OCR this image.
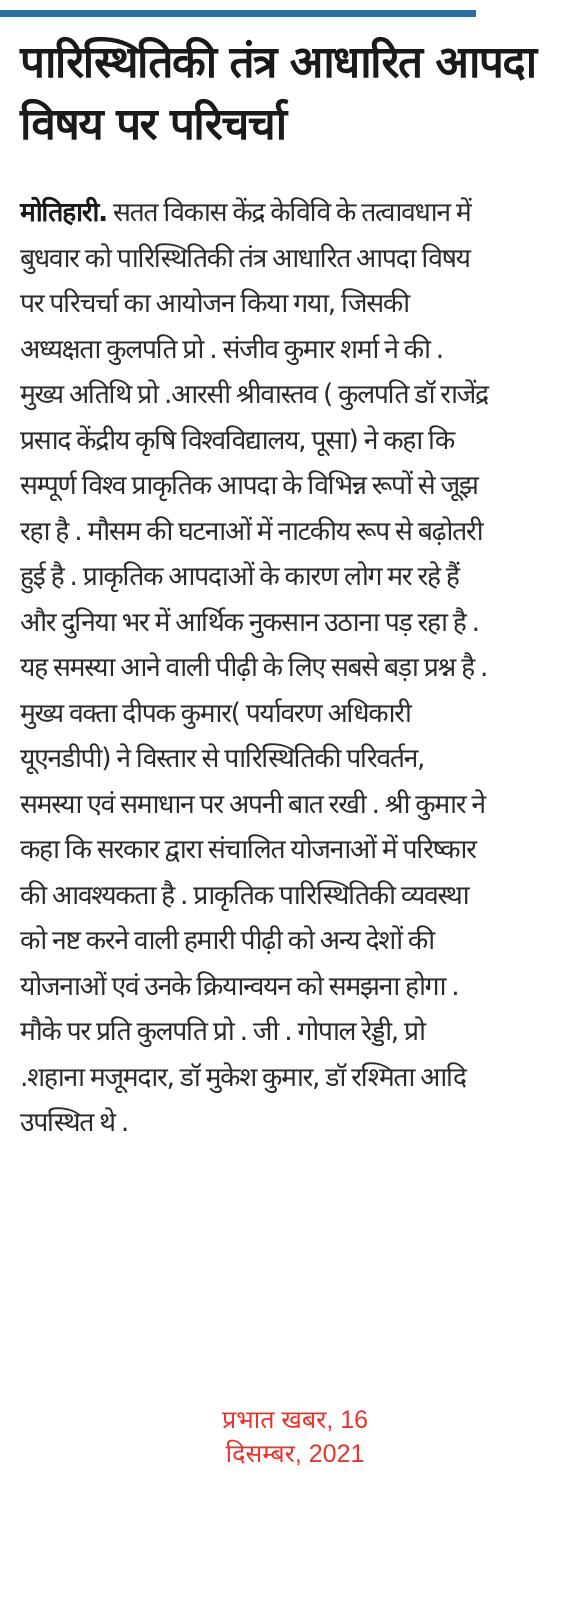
पारिस्थितिकी तंत्र आधारित आपदा विषय पर परिचर्चा

मोतिहारी. सतत विकास केंद्र केविवि के तत्वावधान में बुधवार को पारिस्थितिकी तंत्र आधारित आपदा विषय पर परिचर्चा का आयोजन किया गया, जिसकी अध्यक्षता कुलपति प्रो . संजीव कुमार शर्मा ने की . मुख्य अतिथि प्रो .आरसी श्रीवास्तव ( कुलपति डॉ राजेंद्र प्रसाद केंद्रीय कृषि विश्वविद्यालय, पूसा) ने कहा कि सम्पूर्ण विश्व प्राकृतिक आपदा के विभिन्न रूपों से जूझ रहा है . मौसम की घटनाओं में नाटकीय रूप से बढ़ोतरी हुई है . प्राकृतिक आपदाओं के कारण लोग मर रहे हैं और दुनिया भर में आर्थिक नुकसान उठाना पड़ रहा है . यह समस्या आने वाली पीढ़ी के लिए सबसे बड़ा प्रश्न है . मुख्य वक्ता दीपक कुमार( पर्यावरण अधिकारी यूएनडीपी) ने विस्तार से पारिस्थितिकी परिवर्तन, समस्या एवं समाधान पर अपनी बात रखी . श्री कुमार ने कहा कि सरकार द्वारा संचालित योजनाओं में परिष्कार की आवश्यकता है . प्राकृतिक पारिस्थितिकी व्यवस्था को नष्ट करने वाली हमारी पीढ़ी को अन्य देशों की योजनाओं एवं उनके क्रियान्वयन को समझना होगा . मौके पर प्रति कुलपति प्रो . जी . गोपाल रेड्डी, प्रो .शहाना मजूमदार, डॉ मुकेश कुमार, डॉ रश्मिता आदि उपस्थित थे .

प्रभात खबर, 16
दिसम्बर, 2021
